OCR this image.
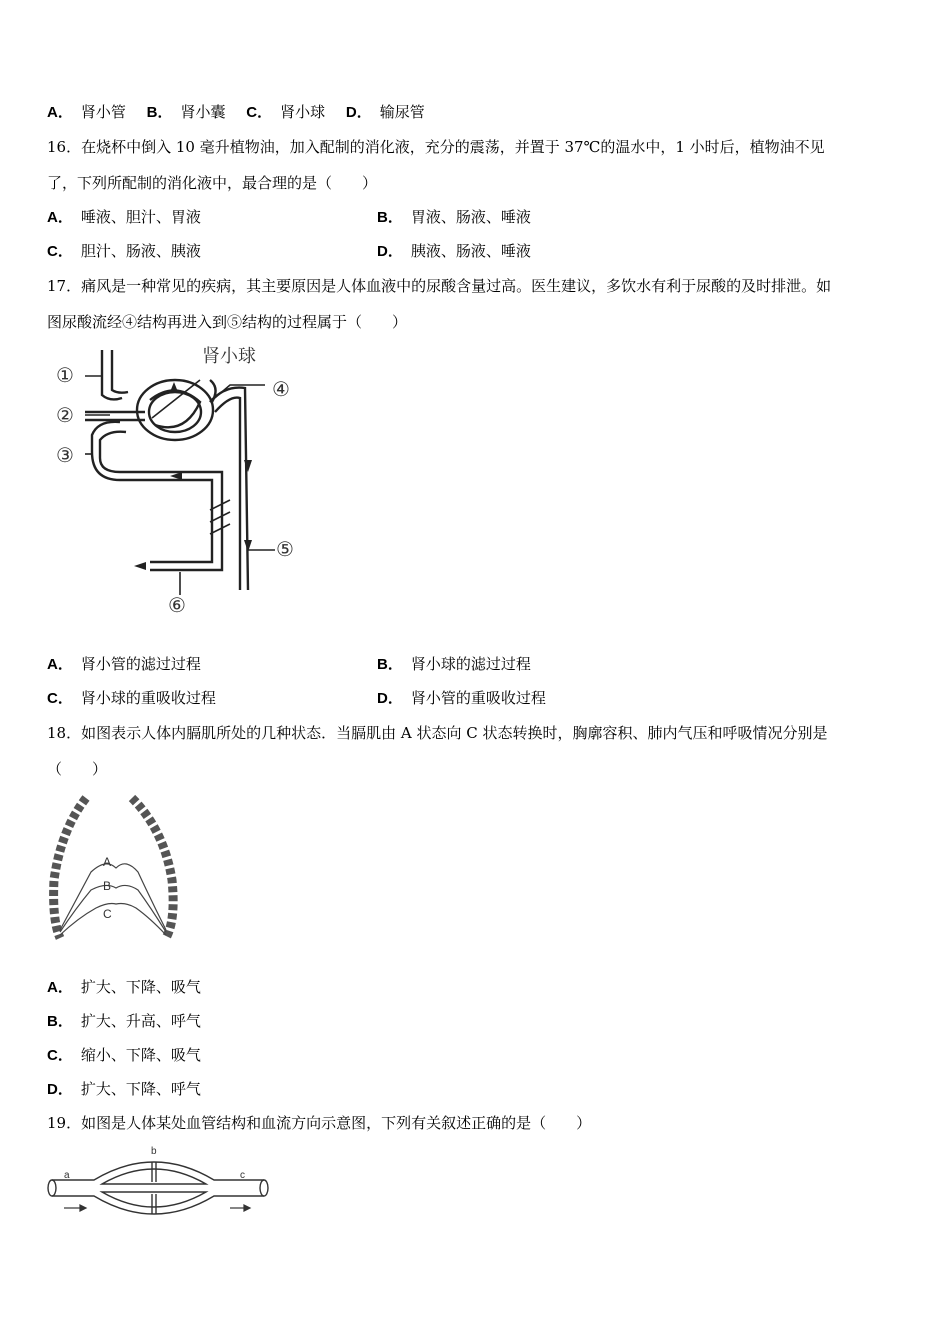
A． 肾小管 B． 肾小囊 C． 肾小球 D． 输尿管
16．在烧杯中倒入 10 毫升植物油，加入配制的消化液，充分的震荡，并置于 37℃的温水中，1 小时后，植物油不见
了，下列所配制的消化液中，最合理的是（　　）
A． 唾液、胆汁、胃液	B． 胃液、肠液、唾液
C． 胆汁、肠液、胰液	D． 胰液、肠液、唾液
17．痛风是一种常见的疾病，其主要原因是人体血液中的尿酸含量过高。医生建议，多饮水有利于尿酸的及时排泄。如
图尿酸流经④结构再进入到⑤结构的过程属于（　　）
肾小球
①
②
③
④
⑤
⑥
A． 肾小管的滤过过程	B． 肾小球的滤过过程
C． 肾小球的重吸收过程	D． 肾小管的重吸收过程
18．如图表示人体内膈肌所处的几种状态．当膈肌由 A 状态向 C 状态转换时，胸廓容积、肺内气压和呼吸情况分别是
（　　）
A
B
C
A． 扩大、下降、吸气
B． 扩大、升高、呼气
C． 缩小、下降、吸气
D． 扩大、下降、呼气
19．如图是人体某处血管结构和血流方向示意图，下列有关叙述正确的是（　　）
a
b
c
